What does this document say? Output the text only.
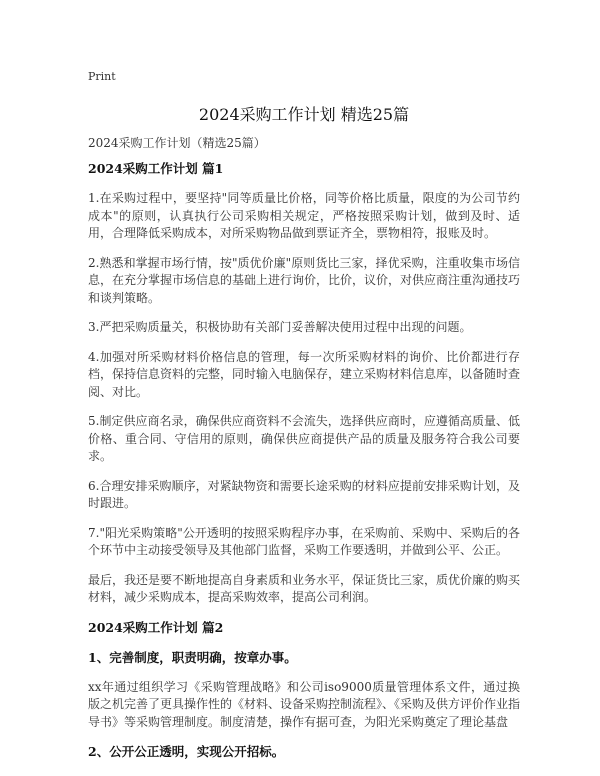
Print
2024采购工作计划 精选25篇
2024采购工作计划（精选25篇）
2024采购工作计划 篇1
1.在采购过程中，要坚持"同等质量比价格，同等价格比质量，限度的为公司节约成本"的原则，认真执行公司采购相关规定，严格按照采购计划，做到及时、适用，合理降低采购成本，对所采购物品做到票证齐全，票物相符，报账及时。
2.熟悉和掌握市场行情，按"质优价廉"原则货比三家，择优采购，注重收集市场信息，在充分掌握市场信息的基础上进行询价，比价，议价，对供应商注重沟通技巧和谈判策略。
3.严把采购质量关，积极协助有关部门妥善解决使用过程中出现的问题。
4.加强对所采购材料价格信息的管理，每一次所采购材料的询价、比价都进行存档，保持信息资料的完整，同时输入电脑保存，建立采购材料信息库，以备随时查阅、对比。
5.制定供应商名录，确保供应商资料不会流失，选择供应商时，应遵循高质量、低价格、重合同、守信用的原则，确保供应商提供产品的质量及服务符合我公司要求。
6.合理安排采购顺序，对紧缺物资和需要长途采购的材料应提前安排采购计划，及时跟进。
7."阳光采购策略"公开透明的按照采购程序办事，在采购前、采购中、采购后的各个环节中主动接受领导及其他部门监督，采购工作要透明，并做到公平、公正。
最后，我还是要不断地提高自身素质和业务水平，保证货比三家，质优价廉的购买材料，减少采购成本，提高采购效率，提高公司利润。
2024采购工作计划 篇2
1、完善制度，职责明确，按章办事。
xx年通过组织学习《采购管理战略》和公司iso9000质量管理体系文件，通过换版之机完善了更具操作性的《材料、设备采购控制流程》、《采购及供方评价作业指导书》等采购管理制度。制度清楚，操作有据可查，为阳光采购奠定了理论基盘
2、公开公正透明，实现公开招标。
